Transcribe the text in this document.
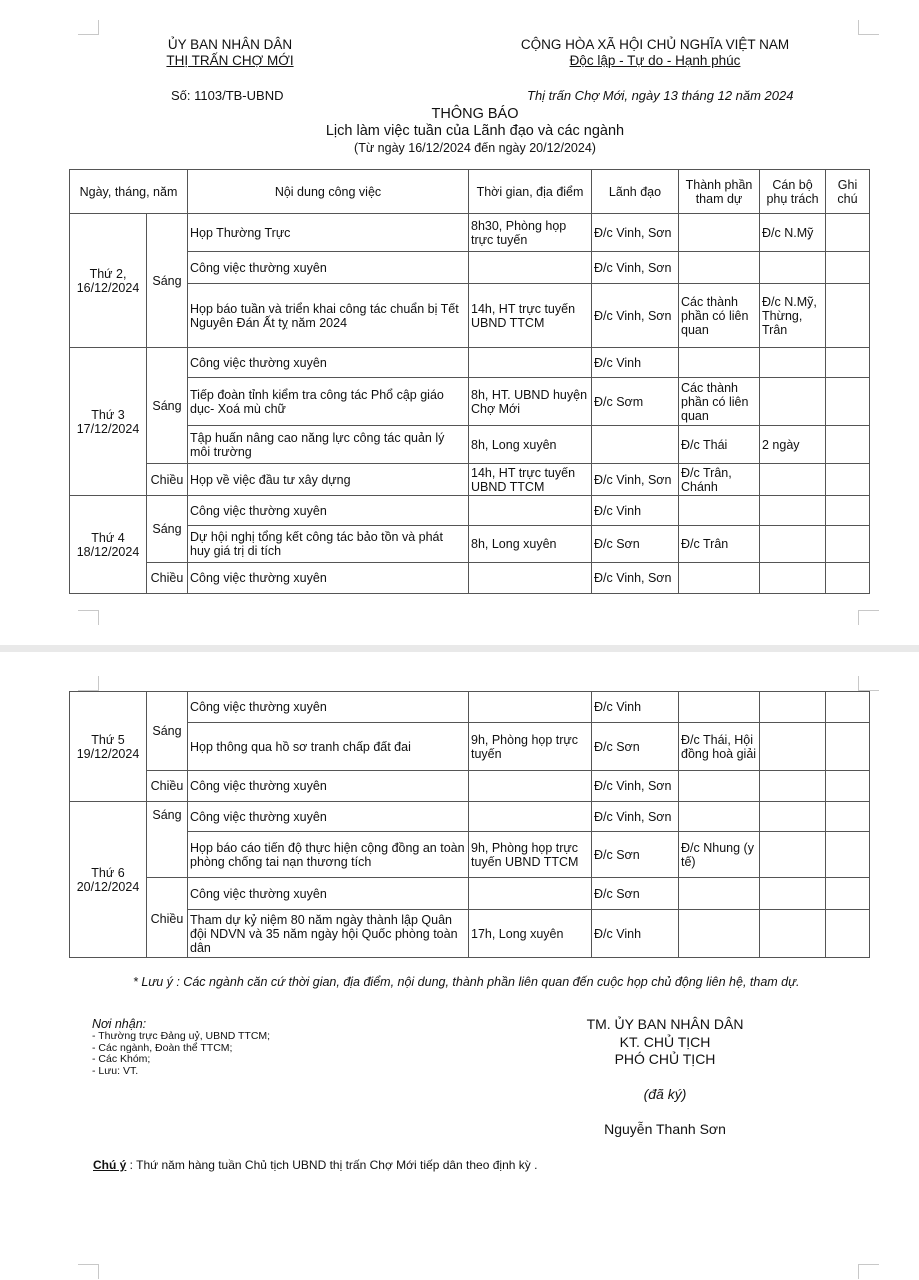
ỦY BAN NHÂN DÂN
THỊ TRẤN CHỢ MỚI
CỘNG HÒA XÃ HỘI CHỦ NGHĨA VIỆT NAM
Độc lập - Tự do - Hạnh phúc
Số: 1103/TB-UBND	Thị trấn Chợ Mới, ngày 13 tháng 12 năm 2024
THÔNG BÁO
Lịch làm việc tuần của Lãnh đạo và các ngành
(Từ ngày 16/12/2024 đến ngày 20/12/2024)
Ngày, tháng, năm		Nội dung công việc	Thời gian, địa điểm	Lãnh đạo	Thành phần tham dự	Cán bộ phụ trách	Ghi chú
Thứ 2, 16/12/2024	Sáng	Họp Thường Trực	8h30, Phòng họp trực tuyến	Đ/c Vinh, Sơn		Đ/c N.Mỹ	
		Công việc thường xuyên		Đ/c Vinh, Sơn			
		Họp báo tuần và triển khai công tác chuẩn bị Tết Nguyên Đán Ất tỵ năm 2024	14h, HT trực tuyến UBND TTCM	Đ/c Vinh, Sơn	Các thành phần có liên quan	Đ/c N.Mỹ, Thừng, Trân	
Thứ 3 17/12/2024	Sáng	Công việc thường xuyên		Đ/c Vinh			
		Tiếp đoàn tỉnh kiểm tra công tác Phổ cập giáo dục- Xoá mù chữ	8h, HT. UBND huyện Chợ Mới	Đ/c Sơm	Các thành phần có liên quan		
		Tập huấn nâng cao năng lực công tác quản lý môi trường	8h, Long xuyên		Đ/c Thái	2 ngày	
	Chiều	Họp về việc đầu tư xây dựng	14h, HT trực tuyến UBND TTCM	Đ/c Vinh, Sơn	Đ/c Trân, Chánh		
Thứ 4 18/12/2024	Sáng	Công việc thường xuyên		Đ/c Vinh			
		Dự hội nghị tổng kết công tác bảo tồn và phát huy giá trị di tích	8h, Long xuyên	Đ/c Sơn	Đ/c Trân		
	Chiều	Công việc thường xuyên		Đ/c Vinh, Sơn			
Thứ 5 19/12/2024	Sáng	Công việc thường xuyên		Đ/c Vinh			
		Họp thông qua hồ sơ tranh chấp đất đai	9h, Phòng họp trực tuyến	Đ/c Sơn	Đ/c Thái, Hội đồng hoà giải		
	Chiều	Công việc thường xuyên		Đ/c Vinh, Sơn			
Thứ 6 20/12/2024	Sáng	Công việc thường xuyên		Đ/c Vinh, Sơn			
		Họp báo cáo tiến độ thực hiện cộng đồng an toàn phòng chống tai nạn thương tích	9h, Phòng họp trực tuyến UBND TTCM	Đ/c Sơn	Đ/c Nhung (y tế)		
	Chiều	Công việc thường xuyên		Đ/c Sơn			
		Tham dự kỷ niệm 80 năm ngày thành lập Quân đội NDVN và 35 năm ngày hội Quốc phòng toàn dân	17h, Long xuyên	Đ/c Vinh			
* Lưu ý : Các ngành căn cứ thời gian, địa điểm, nội dung, thành phần liên quan đến cuộc họp chủ động liên hệ, tham dự.
Nơi nhận:
- Thường trực Đảng uỷ, UBND TTCM;
- Các ngành, Đoàn thể TTCM;
- Các Khóm;
- Lưu: VT.
TM. ỦY BAN NHÂN DÂN
KT. CHỦ TỊCH
PHÓ CHỦ TỊCH
(đã ký)
Nguyễn Thanh Sơn
Chú ý : Thứ năm hàng tuần Chủ tịch UBND thị trấn Chợ Mới tiếp dân theo định kỳ .
